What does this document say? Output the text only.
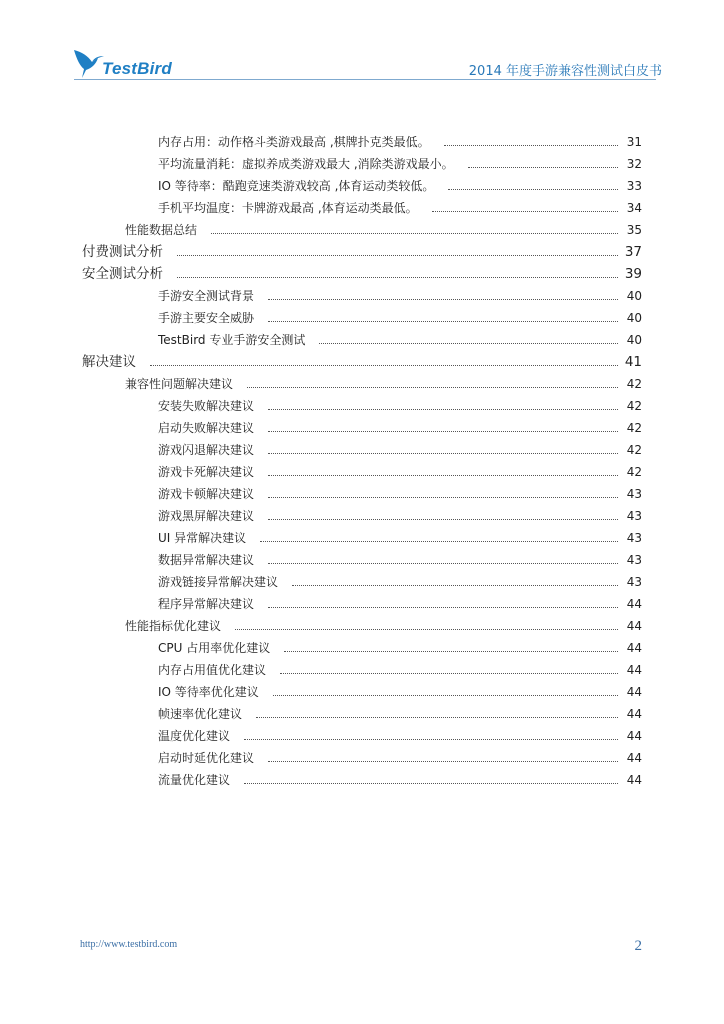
TestBird	2014 年度手游兼容性测试白皮书
内存占用：动作格斗类游戏最高 ,棋牌扑克类最低。	31
平均流量消耗：虚拟养成类游戏最大 ,消除类游戏最小。	32
IO 等待率：酷跑竞速类游戏较高 ,体育运动类较低。	33
手机平均温度：卡牌游戏最高 ,体育运动类最低。	34
性能数据总结	35
付费测试分析	37
安全测试分析	39
手游安全测试背景	40
手游主要安全威胁	40
TestBird 专业手游安全测试	40
解决建议	41
兼容性问题解决建议	42
安装失败解决建议	42
启动失败解决建议	42
游戏闪退解决建议	42
游戏卡死解决建议	42
游戏卡顿解决建议	43
游戏黑屏解决建议	43
UI 异常解决建议	43
数据异常解决建议	43
游戏链接异常解决建议	43
程序异常解决建议	44
性能指标优化建议	44
CPU 占用率优化建议	44
内存占用值优化建议	44
IO 等待率优化建议	44
帧速率优化建议	44
温度优化建议	44
启动时延优化建议	44
流量优化建议	44
http://www.testbird.com	2
